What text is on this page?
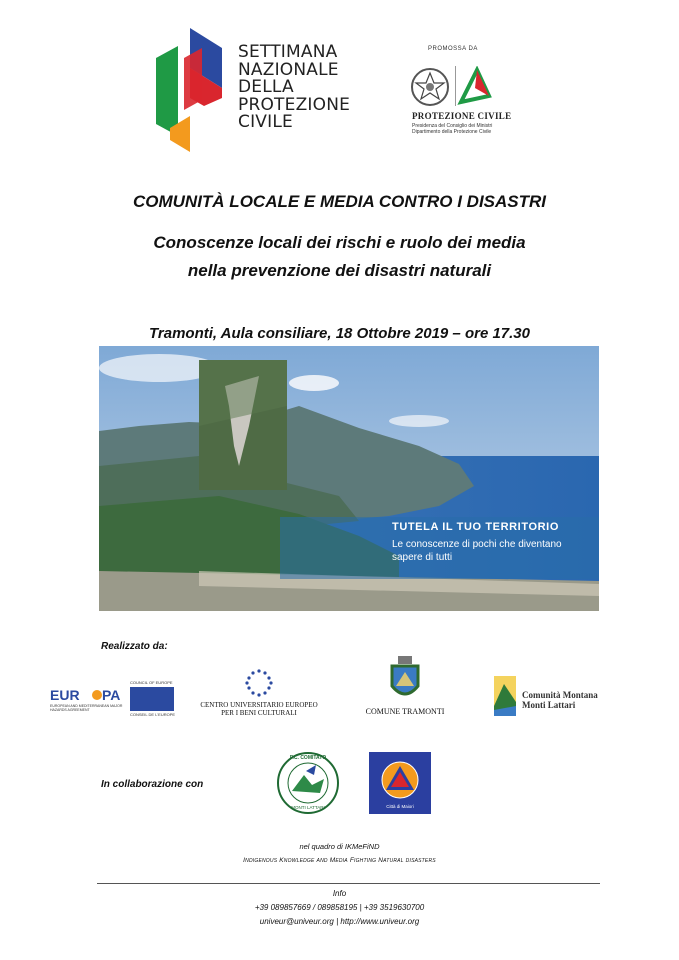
SETTIMANA
NAZIONALE
DELLA
PROTEZIONE
CIVILE
PROMOSSA DA
PROTEZIONE CIVILE
Presidenza del Consiglio dei Ministri
Dipartimento della Protezione Civile
COMUNITÀ LOCALE E MEDIA CONTRO I DISASTRI
Conoscenze locali dei rischi e ruolo dei media
nella prevenzione dei disastri naturali
Tramonti, Aula consiliare, 18 Ottobre 2019 – ore 17.30
TUTELA IL TUO TERRITORIO
Le conoscenze di pochi che diventano
sapere di tutti
Realizzato da:
EUR PA
EUROPEAN AND MEDITERRANEAN MAJOR HAZARDS AGREEMENT
COUNCIL OF EUROPE
CONSEIL DE L'EUROPE
CENTRO UNIVERSITARIO EUROPEO
PER I BENI CULTURALI	COMUNE TRAMONTI
Comunità Montana
Monti Lattari
In collaborazione con
P.C. COMITATO
MONTI LATTARI	Città di Maiori
nel quadro di IKMeFiND
Indigenous Knowledge and Media Fighting Natural disasters
Info
+39 089857669 / 089858195 | +39 3519630700
univeur@univeur.org | http://www.univeur.org
